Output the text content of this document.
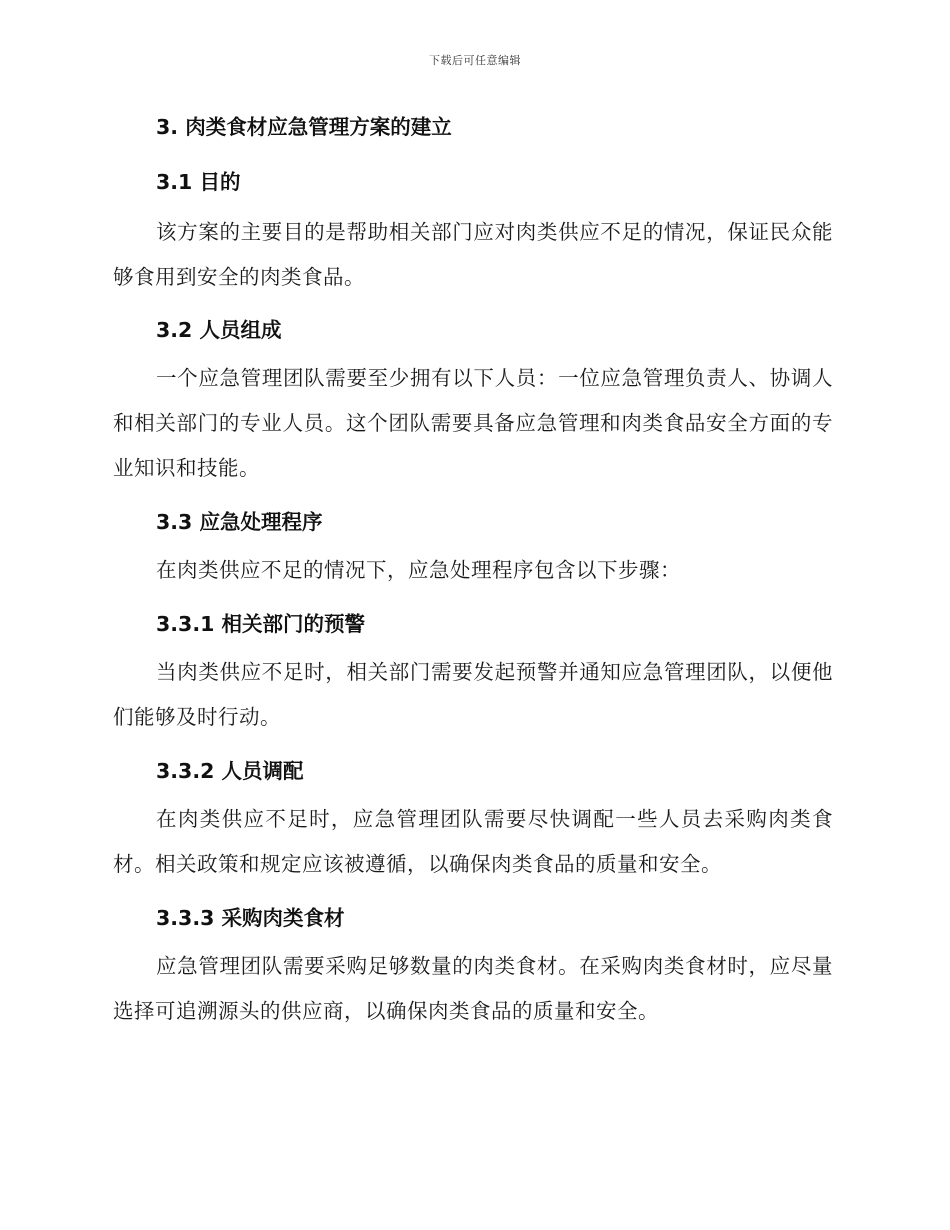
下载后可任意编辑
3. 肉类食材应急管理方案的建立
3.1 目的

该方案的主要目的是帮助相关部门应对肉类供应不足的情况，保证民众能够食用到安全的肉类食品。

3.2 人员组成

一个应急管理团队需要至少拥有以下人员：一位应急管理负责人、协调人和相关部门的专业人员。这个团队需要具备应急管理和肉类食品安全方面的专业知识和技能。

3.3 应急处理程序

在肉类供应不足的情况下，应急处理程序包含以下步骤：

3.3.1 相关部门的预警

当肉类供应不足时，相关部门需要发起预警并通知应急管理团队，以便他们能够及时行动。

3.3.2 人员调配

在肉类供应不足时，应急管理团队需要尽快调配一些人员去采购肉类食材。相关政策和规定应该被遵循，以确保肉类食品的质量和安全。

3.3.3 采购肉类食材

应急管理团队需要采购足够数量的肉类食材。在采购肉类食材时，应尽量选择可追溯源头的供应商，以确保肉类食品的质量和安全。
